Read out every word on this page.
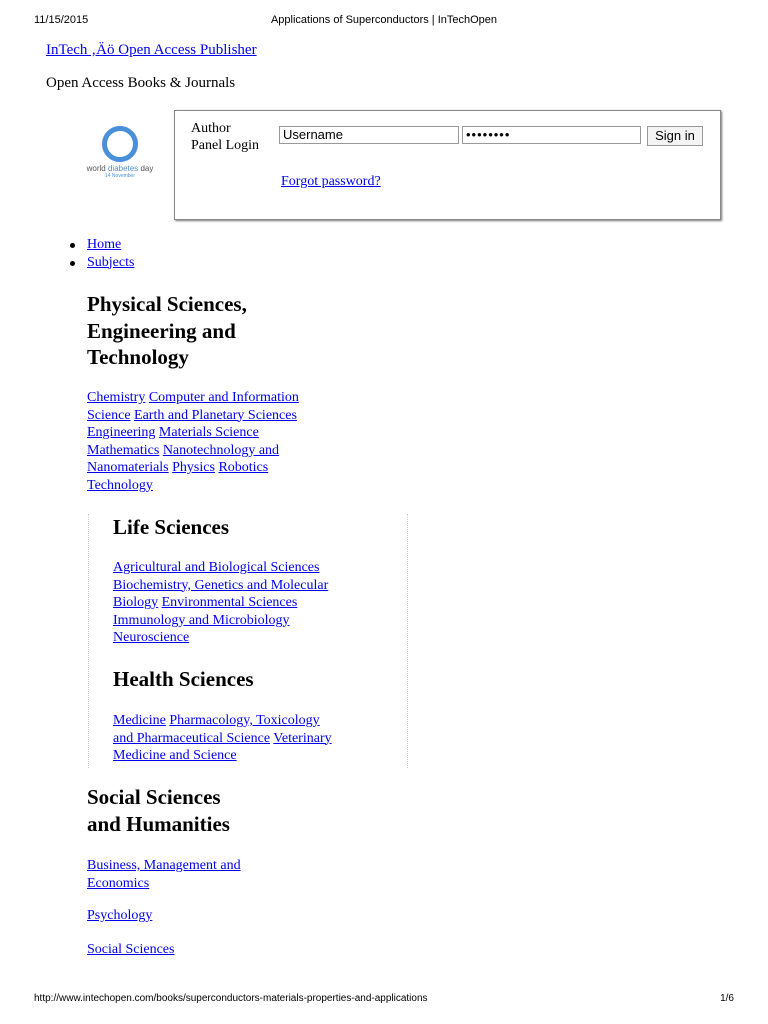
11/15/2015	Applications of Superconductors | InTechOpen
InTech ‚Äö Open Access Publisher
Open Access Books & Journals
world diabetes day
14 November
Author
Panel Login
Username	••••••••	Sign in
Forgot password?
Home
Subjects
Physical Sciences,
Engineering and
Technology
Chemistry Computer and Information
Science Earth and Planetary Sciences
Engineering Materials Science
Mathematics Nanotechnology and
Nanomaterials Physics Robotics
Technology
Life Sciences
Agricultural and Biological Sciences
Biochemistry, Genetics and Molecular
Biology Environmental Sciences
Immunology and Microbiology
Neuroscience
Health Sciences
Medicine Pharmacology, Toxicology
and Pharmaceutical Science Veterinary
Medicine and Science
Social Sciences
and Humanities
Business, Management and
Economics
Psychology
Social Sciences
http://www.intechopen.com/books/superconductors-materials-properties-and-applications	1/6
